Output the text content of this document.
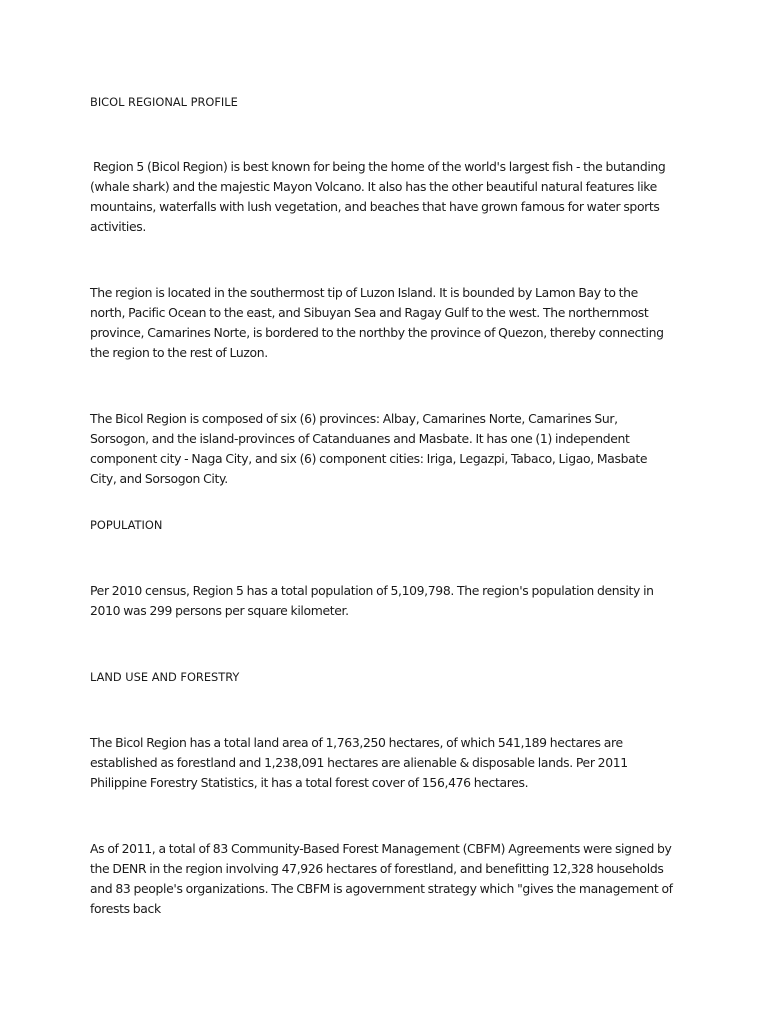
BICOL REGIONAL PROFILE

Region 5 (Bicol Region) is best known for being the home of the world's largest fish - the butanding (whale shark) and the majestic Mayon Volcano. It also has the other beautiful natural features like mountains, waterfalls with lush vegetation, and beaches that have grown famous for water sports activities.

The region is located in the southermost tip of Luzon Island. It is bounded by Lamon Bay to the north, Pacific Ocean to the east, and Sibuyan Sea and Ragay Gulf to the west. The northernmost province, Camarines Norte, is bordered to the northby the province of Quezon, thereby connecting the region to the rest of Luzon.

The Bicol Region is composed of six (6) provinces: Albay, Camarines Norte, Camarines Sur, Sorsogon, and the island-provinces of Catanduanes and Masbate. It has one (1) independent component city - Naga City, and six (6) component cities: Iriga, Legazpi, Tabaco, Ligao, Masbate City, and Sorsogon City.

POPULATION

Per 2010 census, Region 5 has a total population of 5,109,798. The region's population density in 2010 was 299 persons per square kilometer.

LAND USE AND FORESTRY

The Bicol Region has a total land area of 1,763,250 hectares, of which 541,189 hectares are established as forestland and 1,238,091 hectares are alienable & disposable lands. Per 2011 Philippine Forestry Statistics, it has a total forest cover of 156,476 hectares.

As of 2011, a total of 83 Community-Based Forest Management (CBFM) Agreements were signed by the DENR in the region involving 47,926 hectares of forestland, and benefitting 12,328 households and 83 people's organizations. The CBFM is agovernment strategy which "gives the management of forests back
